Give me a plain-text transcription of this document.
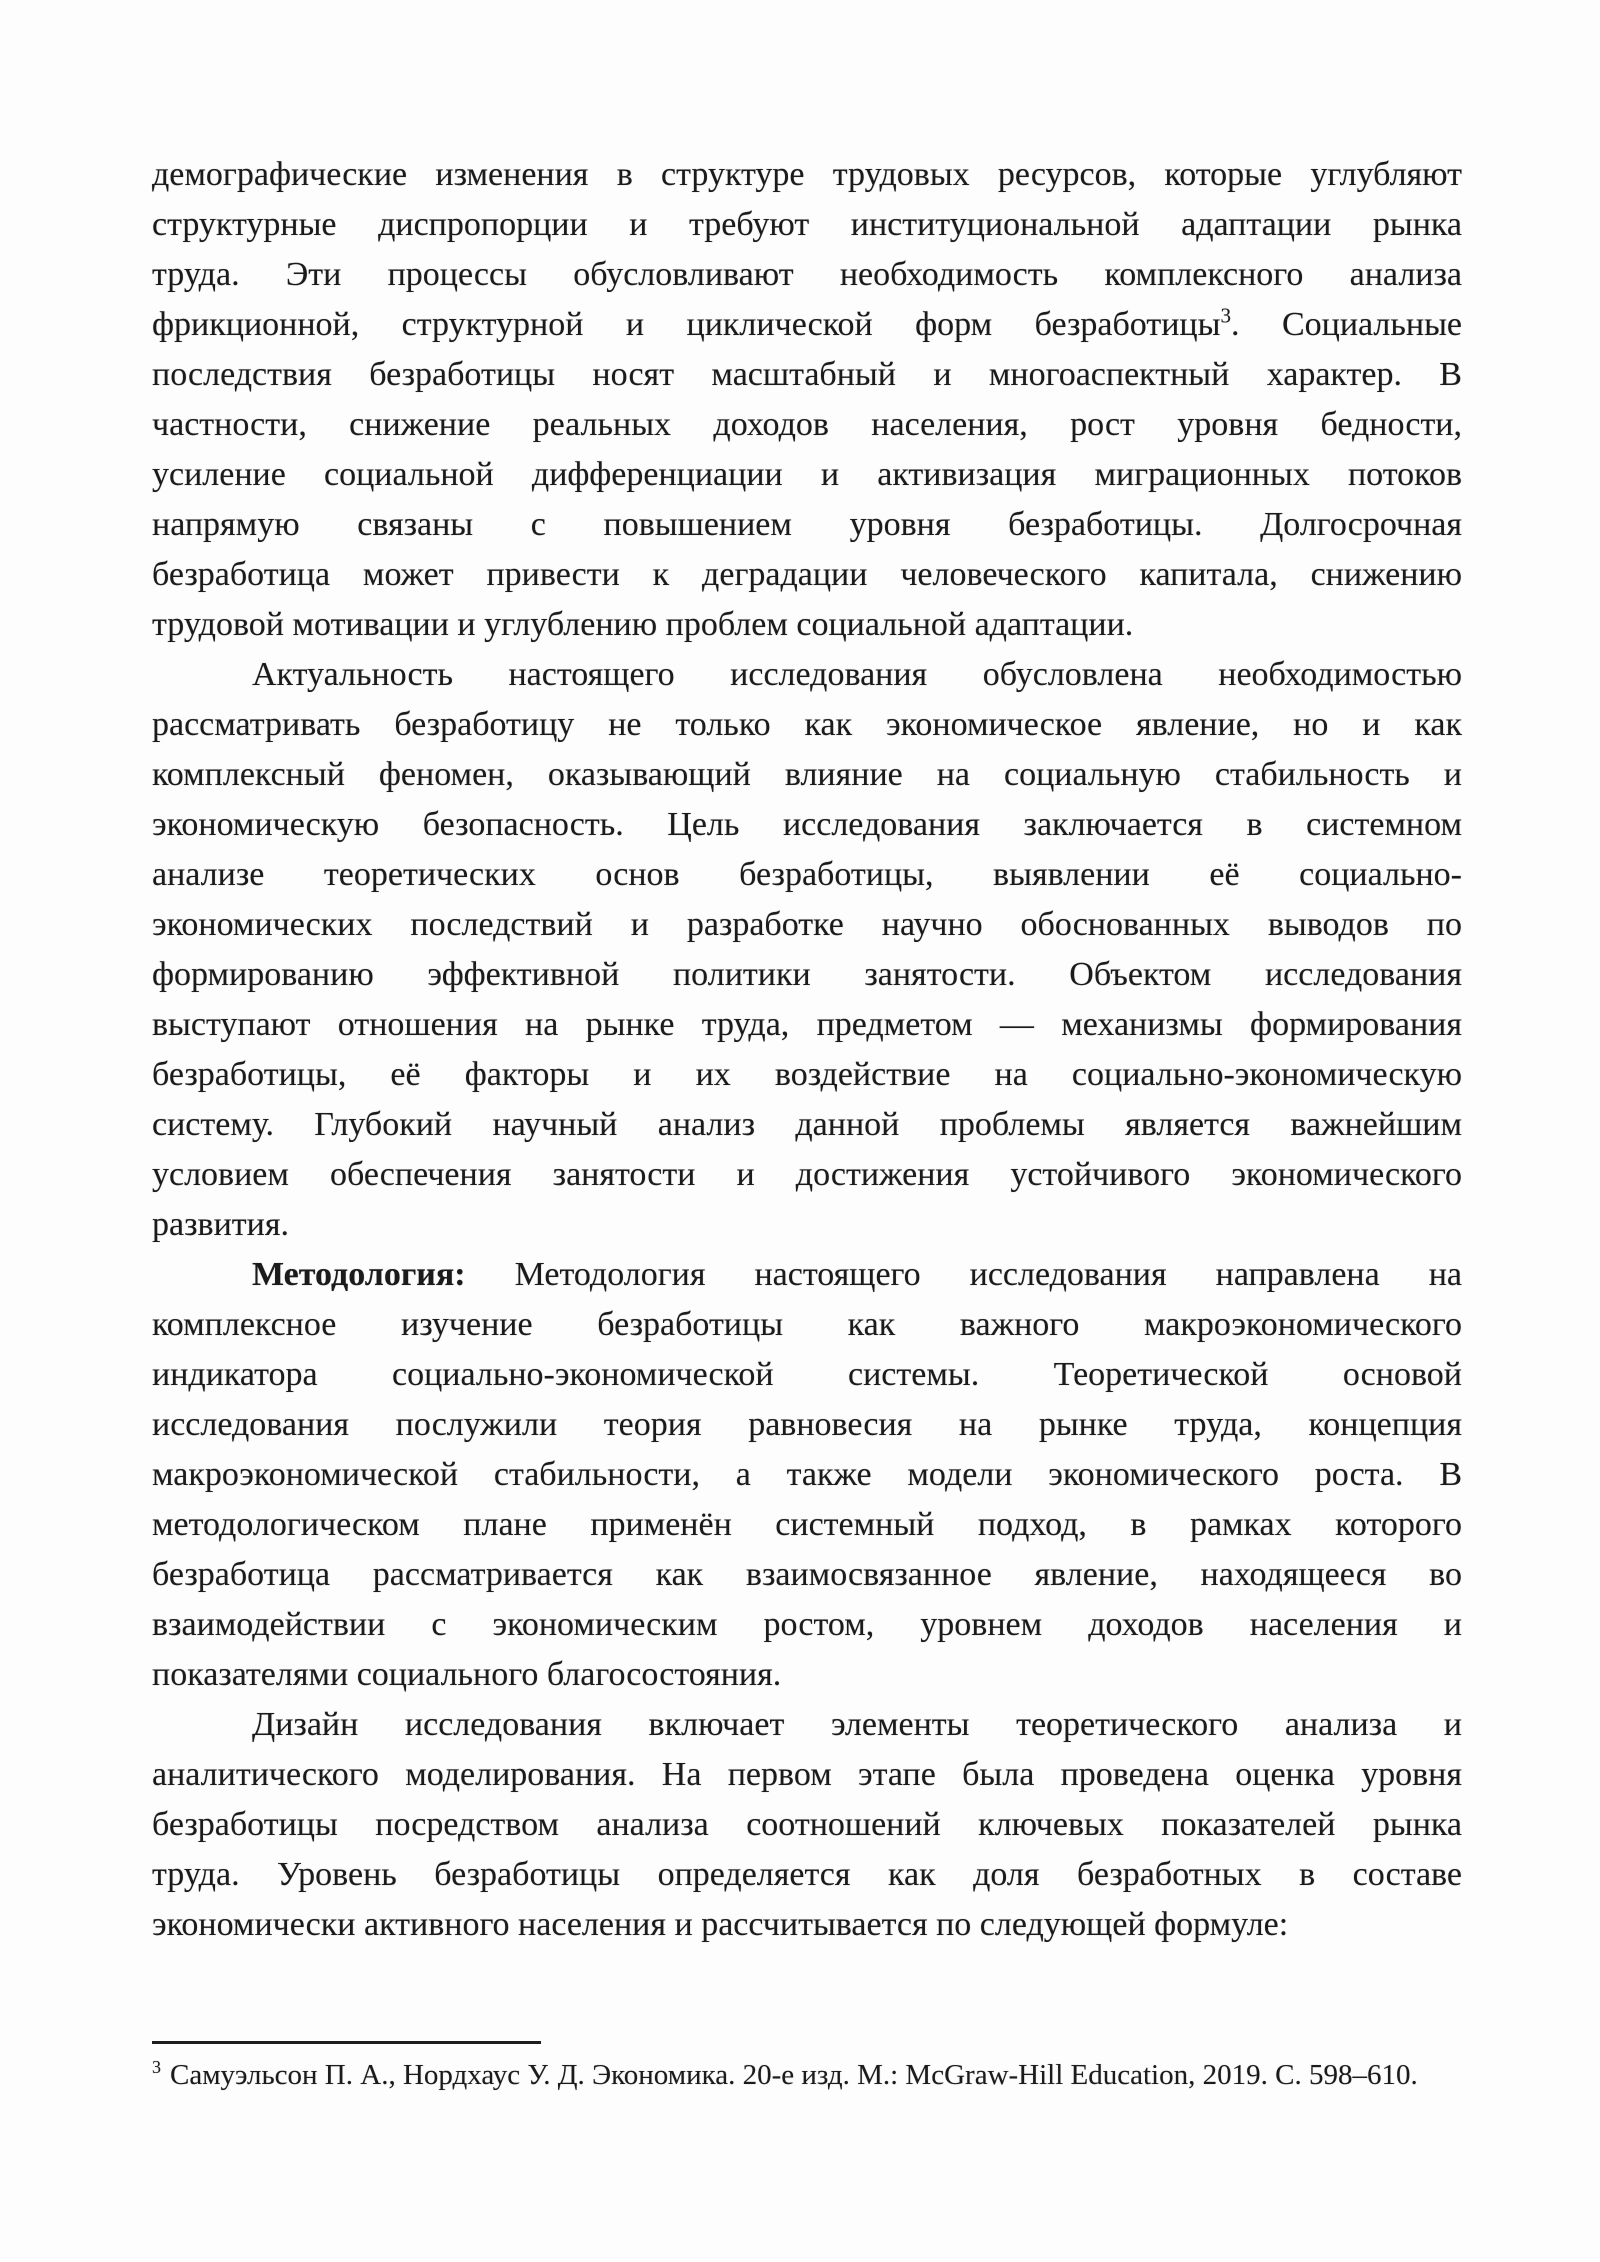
демографические изменения в структуре трудовых ресурсов, которые углубляют
структурные диспропорции и требуют институциональной адаптации рынка
труда. Эти процессы обусловливают необходимость комплексного анализа
фрикционной, структурной и циклической форм безработицы$^3$. Социальные
последствия безработицы носят масштабный и многоаспектный характер. В
частности, снижение реальных доходов населения, рост уровня бедности,
усиление социальной дифференциации и активизация миграционных потоков
напрямую связаны с повышением уровня безработицы. Долгосрочная
безработица может привести к деградации человеческого капитала, снижению
трудовой мотивации и углублению проблем социальной адаптации.
Актуальность настоящего исследования обусловлена необходимостью
рассматривать безработицу не только как экономическое явление, но и как
комплексный феномен, оказывающий влияние на социальную стабильность и
экономическую безопасность. Цель исследования заключается в системном
анализе теоретических основ безработицы, выявлении её социально-
экономических последствий и разработке научно обоснованных выводов по
формированию эффективной политики занятости. Объектом исследования
выступают отношения на рынке труда, предметом — механизмы формирования
безработицы, её факторы и их воздействие на социально-экономическую
систему. Глубокий научный анализ данной проблемы является важнейшим
условием обеспечения занятости и достижения устойчивого экономического
развития.
Методология: Методология настоящего исследования направлена на
комплексное изучение безработицы как важного макроэкономического
индикатора социально-экономической системы. Теоретической основой
исследования послужили теория равновесия на рынке труда, концепция
макроэкономической стабильности, а также модели экономического роста. В
методологическом плане применён системный подход, в рамках которого
безработица рассматривается как взаимосвязанное явление, находящееся во
взаимодействии с экономическим ростом, уровнем доходов населения и
показателями социального благосостояния.
Дизайн исследования включает элементы теоретического анализа и
аналитического моделирования. На первом этапе была проведена оценка уровня
безработицы посредством анализа соотношений ключевых показателей рынка
труда. Уровень безработицы определяется как доля безработных в составе
экономически активного населения и рассчитывается по следующей формуле:
$^3$ Самуэльсон П. А., Нордхаус У. Д. Экономика. 20-е изд. М.: McGraw-Hill Education, 2019. С. 598–610.
